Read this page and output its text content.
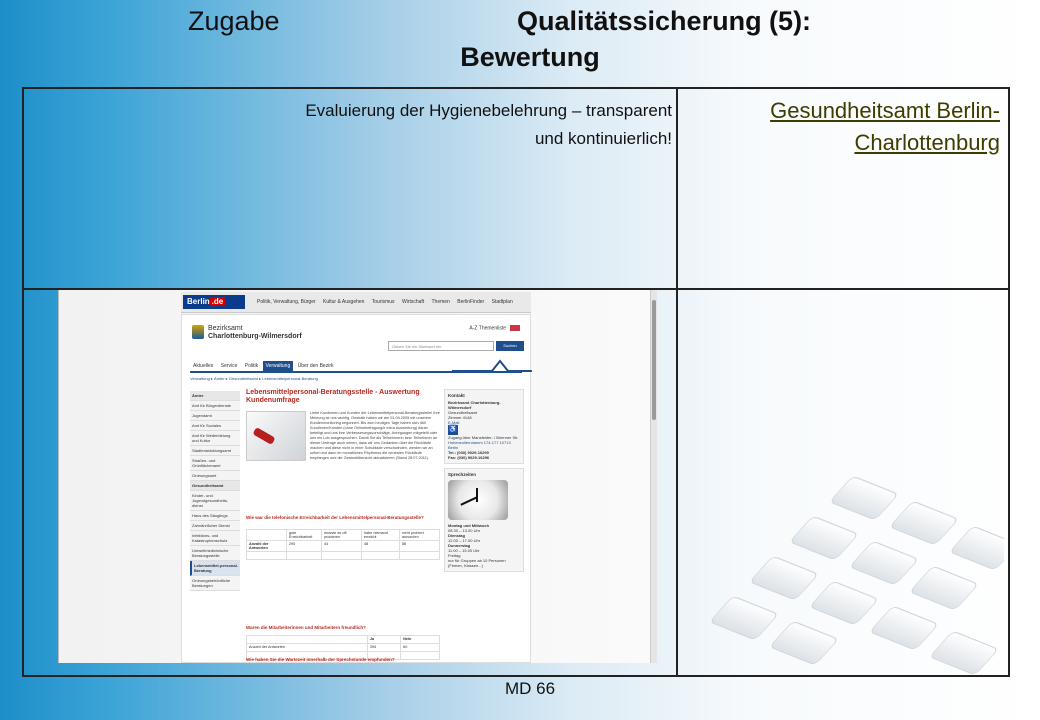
Zugabe	Qualitätssicherung (5):
Bewertung
Evaluierung der Hygienebelehrung – transparent und kontinuierlich!
Gesundheitsamt Berlin-Charlottenburg
Berlin .de	Politik, Verwaltung, Bürger Kultur & Ausgehen Tourismus Wirtschaft Themen BerlinFinder Stadtplan
Bezirksamt
Charlottenburg-Wilmersdorf
A-Z Themenliste
Geben Sie ein Stichwort ein	Suchen
Aktuelles Service Politik Verwaltung Über den Bezirk
Verwaltung ▸ Ämter ▸ Gesundheitsamt ▸ Lebensmittelpersonal-Beratung
Ämter
Amt für Bürgerdienste
Jugendamt
Amt für Soziales
Amt für Weiterbildung und Kultur
Stadtentwicklungsamt
Straßen- und Grünflächenamt
Ordnungsamt
Gesundheitsamt
Kinder- und Jugendgesundheits-dienst
Haus des Säuglings
Zahnärztlicher Dienst
Infektions- und Katastrophenschutz
Umweltmedizinische Beratungsstelle
Lebensmittel-personal-Beratung
Ordnungsbehördliche Beratungen
Lebensmittelpersonal-Beratungsstelle - Auswertung Kundenumfrage
Liebe Kundinnen und Kunden der Lebensmittelpersonal-Beratungsstelle! Ihre Meinung ist uns wichtig. Deshalb haben wir am 01.04.2005 mit unserem Kundenmonitoring begonnen. Bis zum heutigen Tage haben sich 460 Kundinnen/Kunden (ohne Onlinebefragung/e extra Auswertung) daran beteiligt und uns ihre Verbesserungsvorschläge, Anregungen mitgeteilt oder uns ein Lob ausgesprochen. Damit Sie als Teilnehmerin bzw. Teilnehmer an dieser Umfrage auch sehen, dass wir uns Gedanken über die Rückläufe machen und diese nicht in einer Schublade verschwinden, werden wir an sofort und dann im monatlichen Rhythmus die neuesten Rückläufe empfangen und die Gesamtübersicht aktualisieren (Stand 28.07.2011).
Wie war die telefonische Erreichbarkeit der Lebensmittelpersonal-Beratungsstelle?
	gute Erreichbarkeit	musste es oft probieren	habe niemand erreicht	nicht probiert anzurufen
Anzahl der Antworten	290	44	48	58

Waren die Mitarbeiterinnen und Mitarbeitern freundlich?
	Ja	Nein
Anzahl der Antworten	394	60

Wie haben Sie die Wartezeit innerhalb der Sprechstunde empfunden?
Kontakt
Bezirksamt Charlottenburg-Wilmersdorf
Gesundheitsamt
Zimmer 4148
E-Mail
♿
Zugang über Mansfelder- / Brienner Str.
Hohenzollerndamm 174-177 10713 Berlin
Tel.: (030) 9029-16299
Fax: (030) 9029-16296
Sprechzeiten
Montag und Mittwoch
08.30 – 13.00 Uhr
Dienstag
12.00 – 17.00 Uhr
Donnerstag
11.00 – 15.00 Uhr
Freitag
nur für Gruppen ab 10 Personen (Firmen, Klassen...)
MD 66
